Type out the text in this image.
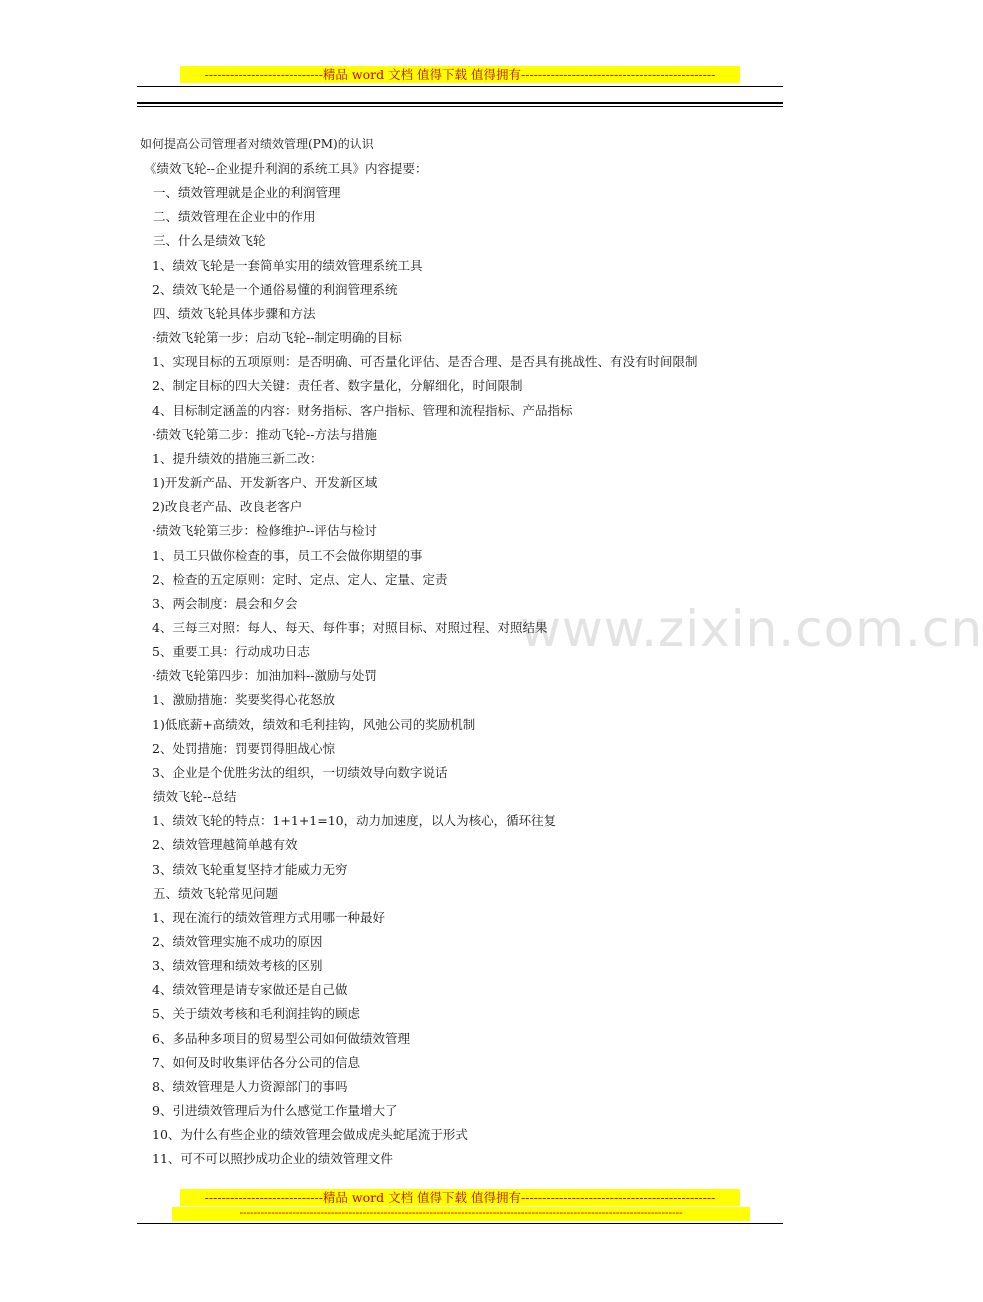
----------------------------精品 word 文档 值得下载 值得拥有----------------------------------------------
www.zixin.com.cn
如何提高公司管理者对绩效管理(PM)的认识
《绩效飞轮--企业提升利润的系统工具》内容提要：
一、绩效管理就是企业的利润管理
二、绩效管理在企业中的作用
三、什么是绩效飞轮
1、绩效飞轮是一套简单实用的绩效管理系统工具
2、绩效飞轮是一个通俗易懂的利润管理系统
四、绩效飞轮具体步骤和方法
·绩效飞轮第一步：启动飞轮--制定明确的目标
1、实现目标的五项原则：是否明确、可否量化评估、是否合理、是否具有挑战性、有没有时间限制
2、制定目标的四大关键：责任者、数字量化，分解细化，时间限制
4、目标制定涵盖的内容：财务指标、客户指标、管理和流程指标、产品指标
·绩效飞轮第二步：推动飞轮--方法与措施
1、提升绩效的措施三新二改：
1)开发新产品、开发新客户、开发新区域
2)改良老产品、改良老客户
·绩效飞轮第三步：检修维护--评估与检讨
1、员工只做你检查的事，员工不会做你期望的事
2、检查的五定原则：定时、定点、定人、定量、定责
3、两会制度：晨会和夕会
4、三每三对照：每人、每天、每件事；对照目标、对照过程、对照结果
5、重要工具：行动成功日志
·绩效飞轮第四步：加油加料--激励与处罚
1、激励措施：奖要奖得心花怒放
1)低底薪+高绩效，绩效和毛利挂钩，风弛公司的奖励机制
2、处罚措施：罚要罚得胆战心惊
3、企业是个优胜劣汰的组织，一切绩效导向数字说话
绩效飞轮--总结
1、绩效飞轮的特点：1+1+1=10，动力加速度，以人为核心，循环往复
2、绩效管理越简单越有效
3、绩效飞轮重复坚持才能威力无穷
五、绩效飞轮常见问题
1、现在流行的绩效管理方式用哪一种最好
2、绩效管理实施不成功的原因
3、绩效管理和绩效考核的区别
4、绩效管理是请专家做还是自己做
5、关于绩效考核和毛利润挂钩的顾虑
6、多品种多项目的贸易型公司如何做绩效管理
7、如何及时收集评估各分公司的信息
8、绩效管理是人力资源部门的事吗
9、引进绩效管理后为什么感觉工作量增大了
10、为什么有些企业的绩效管理会做成虎头蛇尾流于形式
11、可不可以照抄成功企业的绩效管理文件
----------------------------精品 word 文档 值得下载 值得拥有----------------------------------------------
------------------------------------------------------------------------------------------------------------------------------
